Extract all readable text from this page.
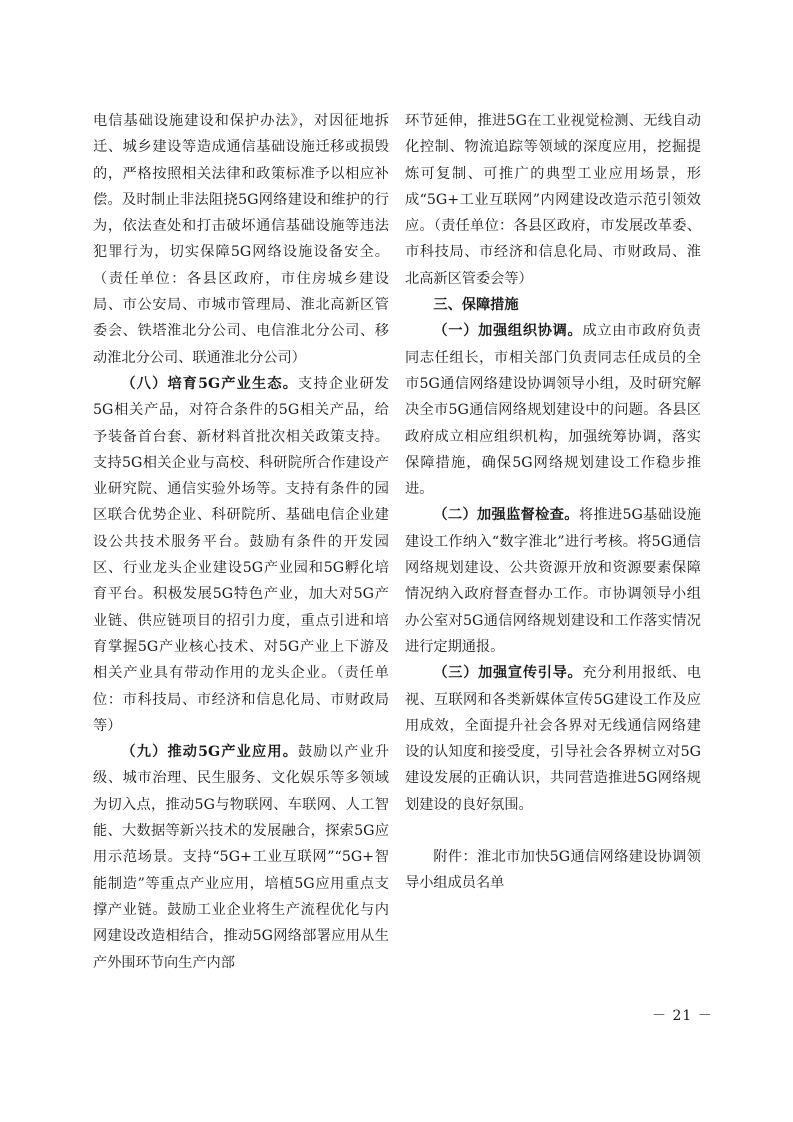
电信基础设施建设和保护办法》，对因征地拆迁、城乡建设等造成通信基础设施迁移或损毁的，严格按照相关法律和政策标准予以相应补偿。及时制止非法阻挠5G网络建设和维护的行为，依法查处和打击破坏通信基础设施等违法犯罪行为，切实保障5G网络设施设备安全。（责任单位：各县区政府，市住房城乡建设局、市公安局、市城市管理局、淮北高新区管委会、铁塔淮北分公司、电信淮北分公司、移动淮北分公司、联通淮北分公司）

（八）培育5G产业生态。支持企业研发5G相关产品，对符合条件的5G相关产品，给予装备首台套、新材料首批次相关政策支持。支持5G相关企业与高校、科研院所合作建设产业研究院、通信实验外场等。支持有条件的园区联合优势企业、科研院所、基础电信企业建设公共技术服务平台。鼓励有条件的开发园区、行业龙头企业建设5G产业园和5G孵化培育平台。积极发展5G特色产业，加大对5G产业链、供应链项目的招引力度，重点引进和培育掌握5G产业核心技术、对5G产业上下游及相关产业具有带动作用的龙头企业。（责任单位：市科技局、市经济和信息化局、市财政局等）

（九）推动5G产业应用。鼓励以产业升级、城市治理、民生服务、文化娱乐等多领域为切入点，推动5G与物联网、车联网、人工智能、大数据等新兴技术的发展融合，探索5G应用示范场景。支持“5G+工业互联网”“5G+智能制造”等重点产业应用，培植5G应用重点支撑产业链。鼓励工业企业将生产流程优化与内网建设改造相结合，推动5G网络部署应用从生产外围环节向生产内部

环节延伸，推进5G在工业视觉检测、无线自动化控制、物流追踪等领域的深度应用，挖掘提炼可复制、可推广的典型工业应用场景，形成“5G+工业互联网”内网建设改造示范引领效应。（责任单位：各县区政府，市发展改革委、市科技局、市经济和信息化局、市财政局、淮北高新区管委会等）

三、保障措施

（一）加强组织协调。成立由市政府负责同志任组长，市相关部门负责同志任成员的全市5G通信网络建设协调领导小组，及时研究解决全市5G通信网络规划建设中的问题。各县区政府成立相应组织机构，加强统筹协调，落实保障措施，确保5G网络规划建设工作稳步推进。

（二）加强监督检查。将推进5G基础设施建设工作纳入“数字淮北”进行考核。将5G通信网络规划建设、公共资源开放和资源要素保障情况纳入政府督查督办工作。市协调领导小组办公室对5G通信网络规划建设和工作落实情况进行定期通报。

（三）加强宣传引导。充分利用报纸、电视、互联网和各类新媒体宣传5G建设工作及应用成效，全面提升社会各界对无线通信网络建设的认知度和接受度，引导社会各界树立对5G建设发展的正确认识，共同营造推进5G网络规划建设的良好氛围。

附件：淮北市加快5G通信网络建设协调领导小组成员名单

－ 21 －
